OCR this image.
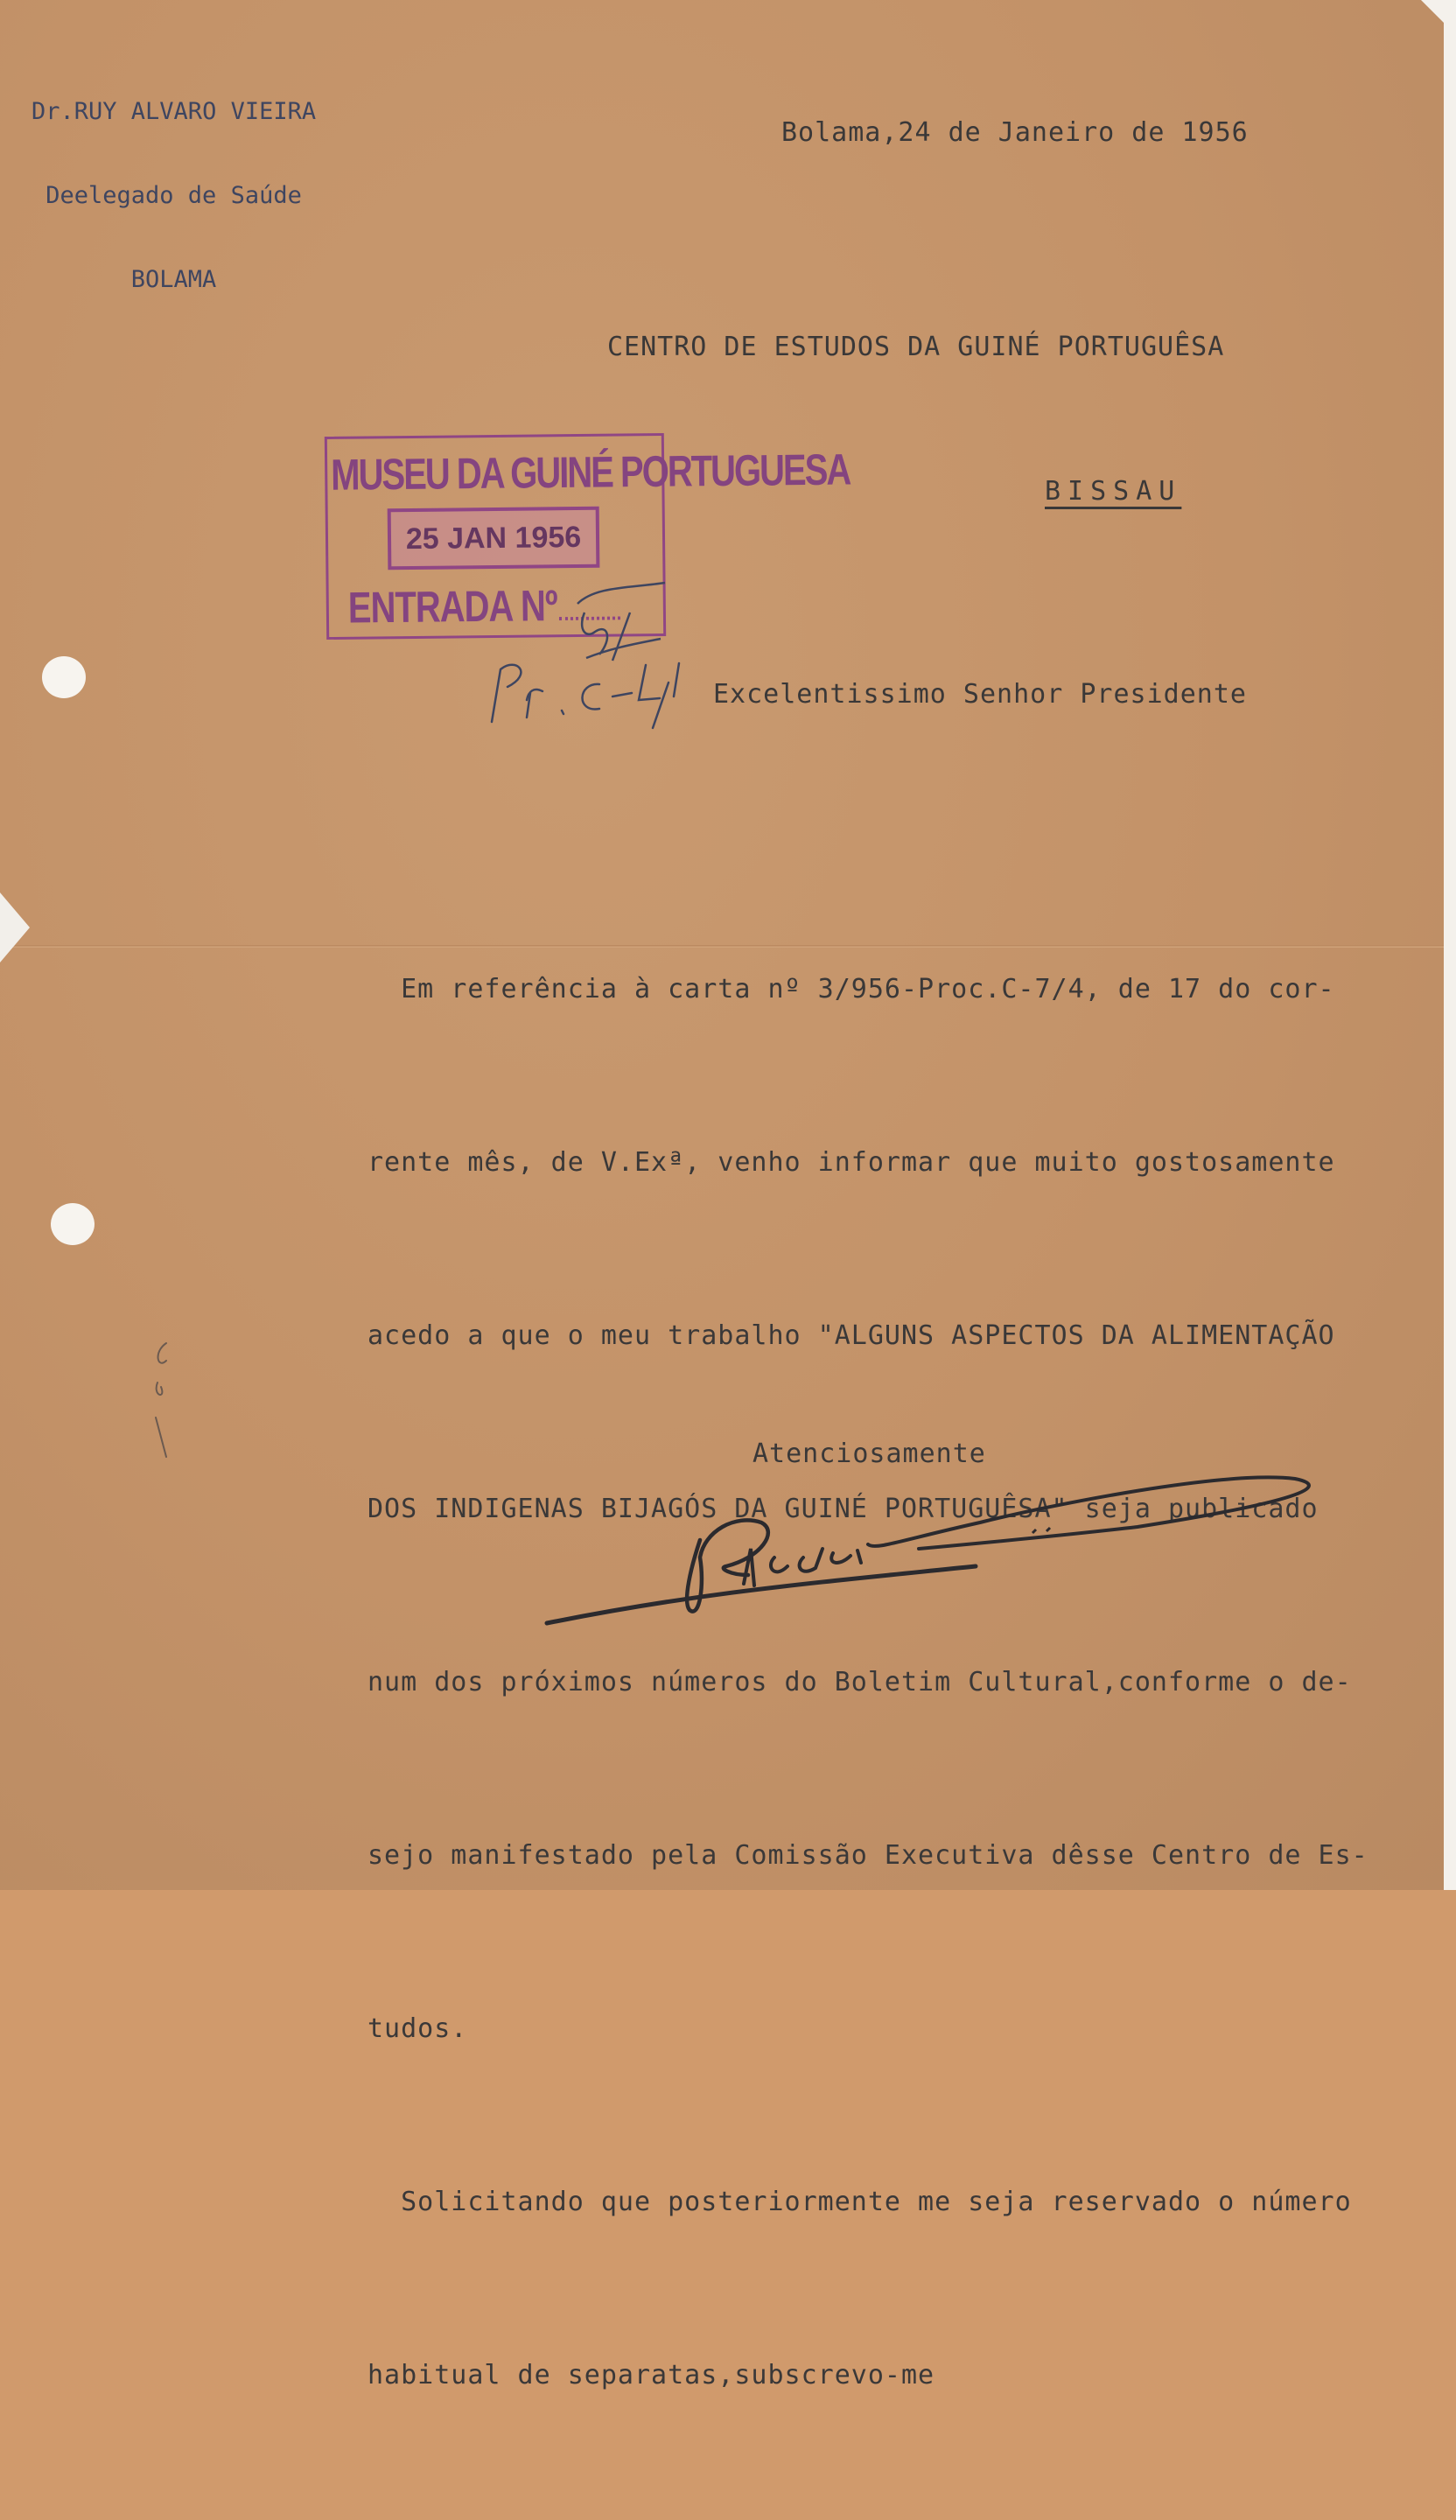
Dr.RUY ALVARO VIEIRA

Deelegado de Saúde

BOLAMA

Bolama,24 de Janeiro de 1956

CENTRO DE ESTUDOS DA GUINÉ PORTUGUÊSA

BISSAU

MUSEU DA GUINÉ PORTUGUESA
25 JAN 1956
ENTRADA Nº

Excelentissimo Senhor Presidente

Em referência à carta nº 3/956-Proc.C-7/4, de 17 do cor-

rente mês, de V.Exª, venho informar que muito gostosamente

acedo a que o meu trabalho "ALGUNS ASPECTOS DA ALIMENTAÇÃO

DOS INDIGENAS BIJAGÓS DA GUINÉ PORTUGUÊSA" seja publicado

num dos próximos números do Boletim Cultural,conforme o de-

sejo manifestado pela Comissão Executiva dêsse Centro de Es-

tudos.

Solicitando que posteriormente me seja reservado o número

habitual de separatas,subscrevo-me

Atenciosamente
